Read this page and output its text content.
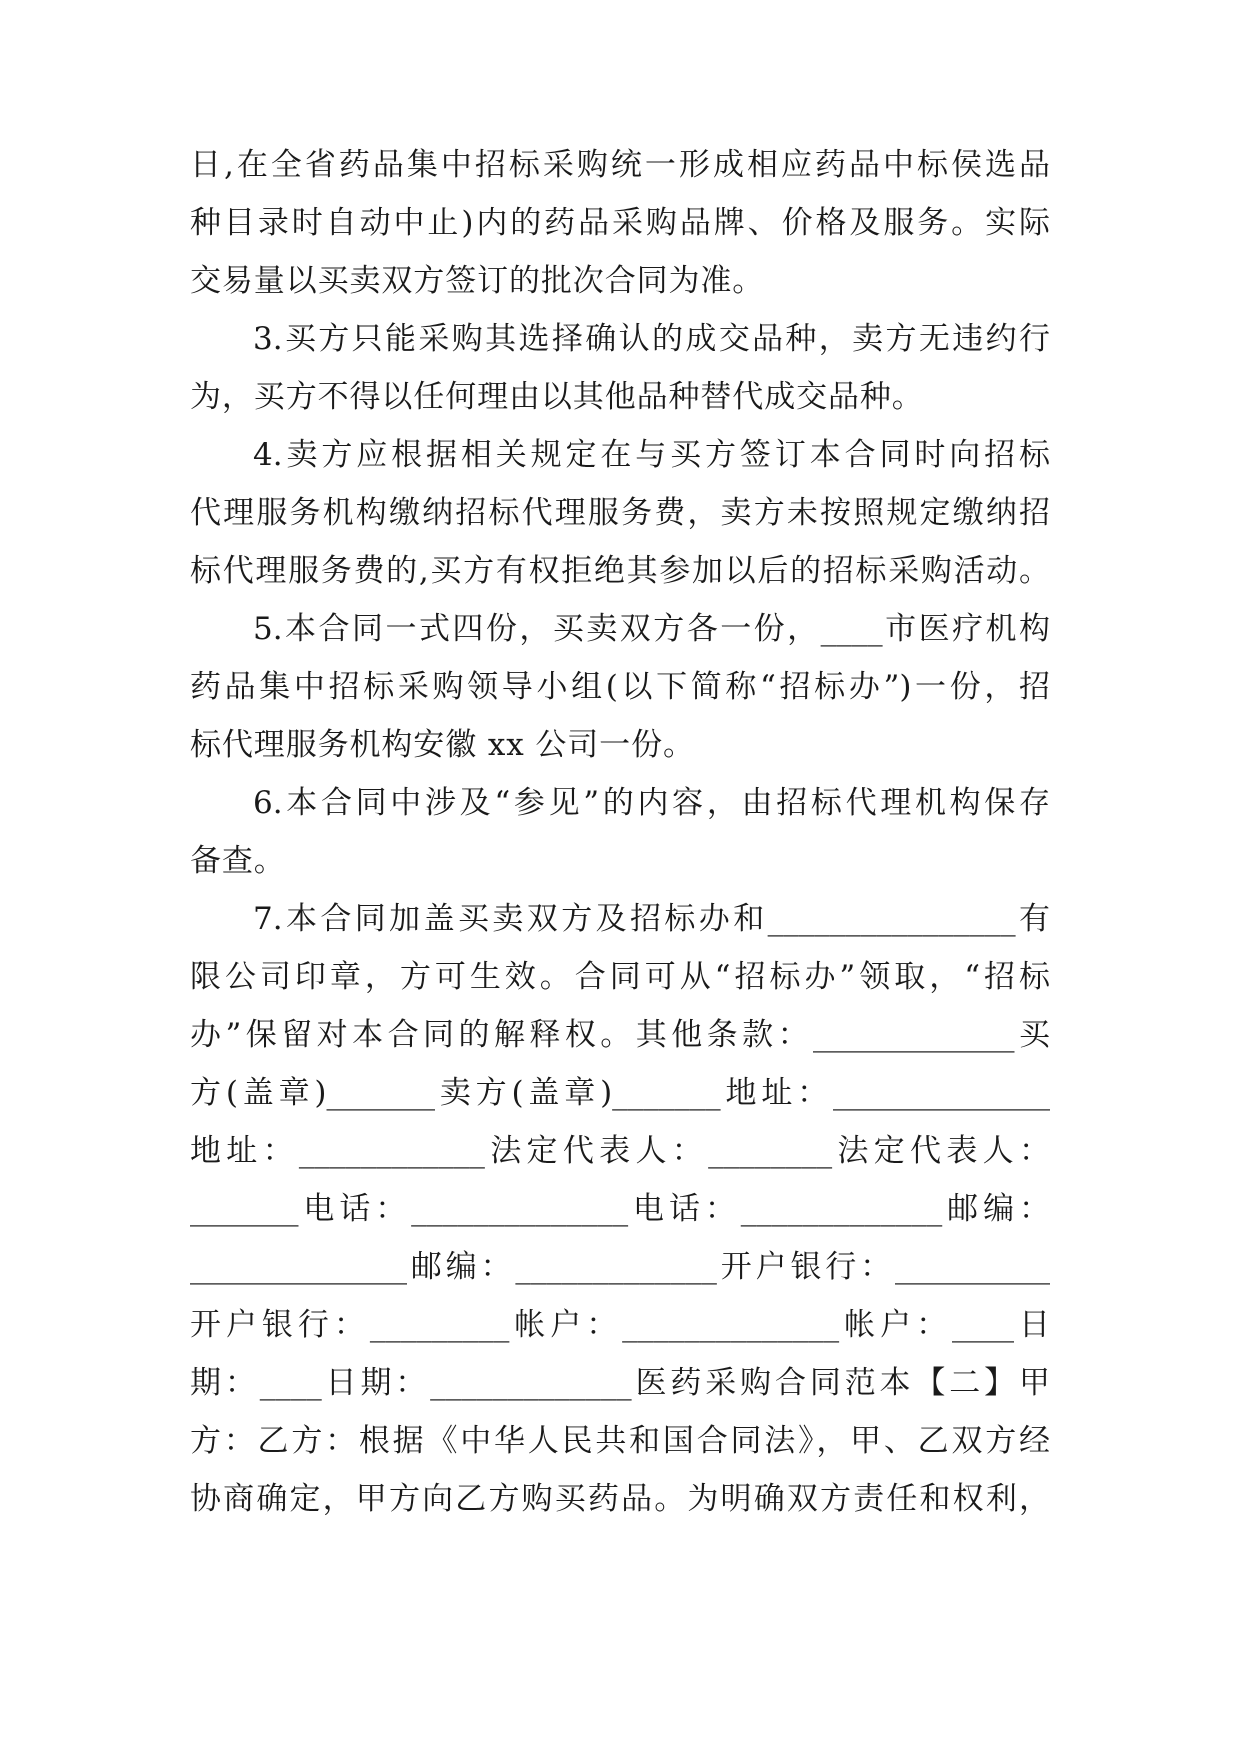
日,在全省药品集中招标采购统一形成相应药品中标侯选品
种目录时自动中止)内的药品采购品牌、价格及服务。实际
交易量以买卖双方签订的批次合同为准。
3.买方只能采购其选择确认的成交品种，卖方无违约行
为，买方不得以任何理由以其他品种替代成交品种。
4.卖方应根据相关规定在与买方签订本合同时向招标
代理服务机构缴纳招标代理服务费，卖方未按照规定缴纳招
标代理服务费的,买方有权拒绝其参加以后的招标采购活动。
5.本合同一式四份，买卖双方各一份，____市医疗机构
药品集中招标采购领导小组(以下简称“招标办”)一份，招
标代理服务机构安徽 xx 公司一份。
6.本合同中涉及“参见”的内容，由招标代理机构保存
备查。
7.本合同加盖买卖双方及招标办和________________有
限公司印章，方可生效。合同可从“招标办”领取，“招标
办”保留对本合同的解释权。其他条款：_____________买
方(盖章)_______卖方(盖章)_______地址：______________
地址：____________法定代表人：________法定代表人：
_______电话：______________电话：_____________邮编：
______________邮编：_____________开户银行：__________
开户银行：_________帐户：______________帐户：____日
期：____日期：_____________医药采购合同范本【二】甲
方：乙方：根据《中华人民共和国合同法》，甲、乙双方经
协商确定，甲方向乙方购买药品。为明确双方责任和权利，
